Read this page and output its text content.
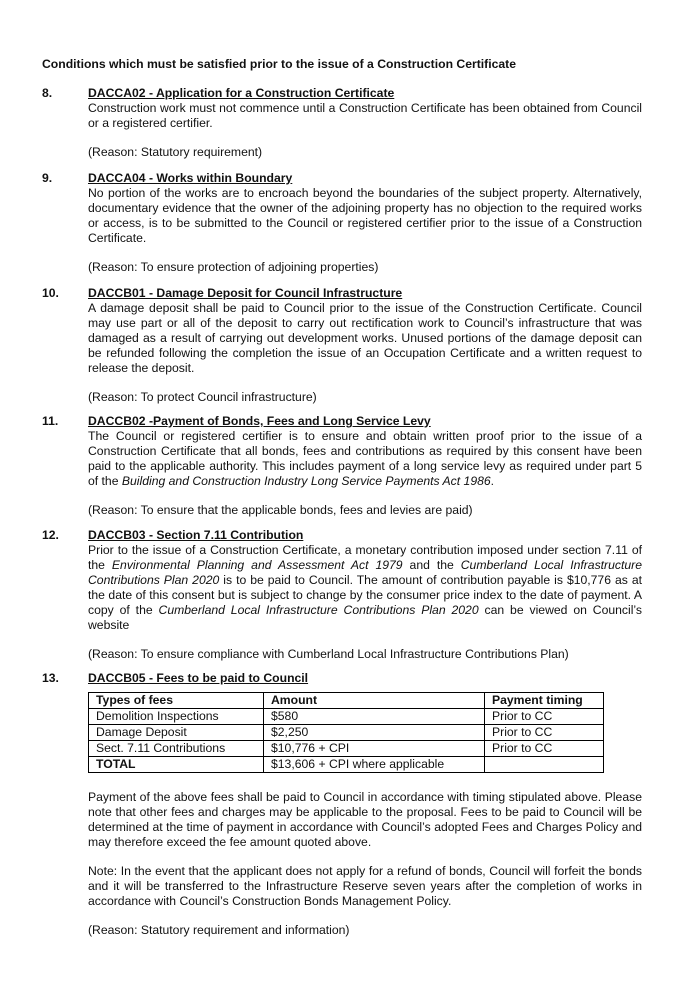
Conditions which must be satisfied prior to the issue of a Construction Certificate
8.	DACCA02 - Application for a Construction Certificate
Construction work must not commence until a Construction Certificate has been obtained from Council or a registered certifier.
(Reason: Statutory requirement)
9.	DACCA04 - Works within Boundary
No portion of the works are to encroach beyond the boundaries of the subject property. Alternatively, documentary evidence that the owner of the adjoining property has no objection to the required works or access, is to be submitted to the Council or registered certifier prior to the issue of a Construction Certificate.
(Reason: To ensure protection of adjoining properties)
10. DACCB01 - Damage Deposit for Council Infrastructure
A damage deposit shall be paid to Council prior to the issue of the Construction Certificate. Council may use part or all of the deposit to carry out rectification work to Council’s infrastructure that was damaged as a result of carrying out development works. Unused portions of the damage deposit can be refunded following the completion the issue of an Occupation Certificate and a written request to release the deposit.
(Reason: To protect Council infrastructure)
11. DACCB02 -Payment of Bonds, Fees and Long Service Levy
The Council or registered certifier is to ensure and obtain written proof prior to the issue of a Construction Certificate that all bonds, fees and contributions as required by this consent have been paid to the applicable authority. This includes payment of a long service levy as required under part 5 of the Building and Construction Industry Long Service Payments Act 1986.
(Reason: To ensure that the applicable bonds, fees and levies are paid)
12. DACCB03 - Section 7.11 Contribution
Prior to the issue of a Construction Certificate, a monetary contribution imposed under section 7.11 of the Environmental Planning and Assessment Act 1979 and the Cumberland Local Infrastructure Contributions Plan 2020 is to be paid to Council. The amount of contribution payable is $10,776 as at the date of this consent but is subject to change by the consumer price index to the date of payment. A copy of the Cumberland Local Infrastructure Contributions Plan 2020 can be viewed on Council’s website
(Reason: To ensure compliance with Cumberland Local Infrastructure Contributions Plan)
13. DACCB05 - Fees to be paid to Council
Types of fees	Amount	Payment timing
Demolition Inspections	$580	Prior to CC
Damage Deposit	$2,250	Prior to CC
Sect. 7.11 Contributions	$10,776 + CPI	Prior to CC
TOTAL	$13,606 + CPI where applicable	
Payment of the above fees shall be paid to Council in accordance with timing stipulated above. Please note that other fees and charges may be applicable to the proposal. Fees to be paid to Council will be determined at the time of payment in accordance with Council’s adopted Fees and Charges Policy and may therefore exceed the fee amount quoted above.
Note: In the event that the applicant does not apply for a refund of bonds, Council will forfeit the bonds and it will be transferred to the Infrastructure Reserve seven years after the completion of works in accordance with Council’s Construction Bonds Management Policy.
(Reason: Statutory requirement and information)
